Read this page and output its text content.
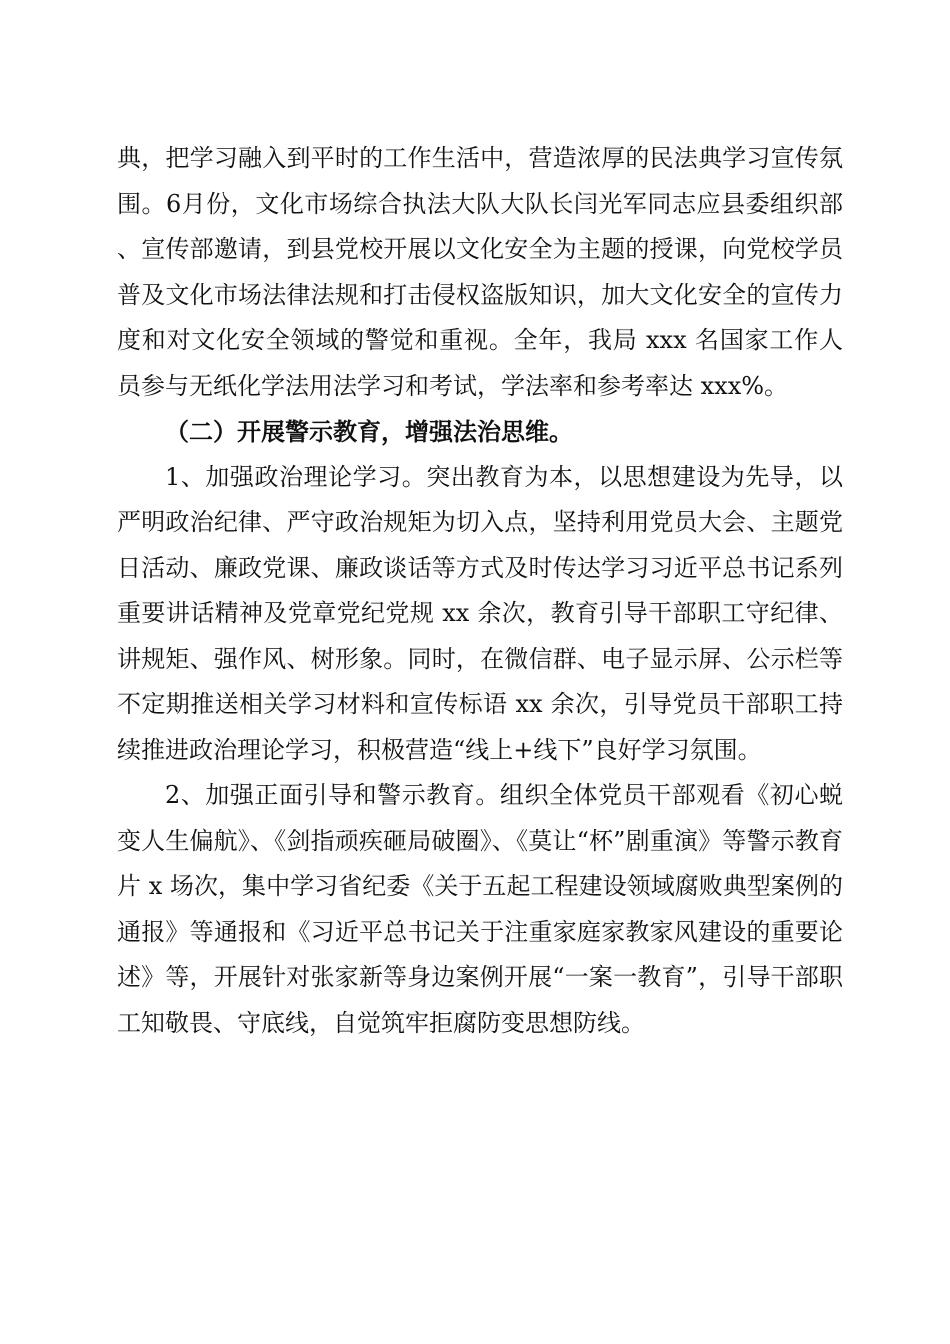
典，把学习融入到平时的工作生活中，营造浓厚的民法典学习宣传氛围。6月份，文化市场综合执法大队大队长闫光军同志应县委组织部、宣传部邀请，到县党校开展以文化安全为主题的授课，向党校学员普及文化市场法律法规和打击侵权盗版知识，加大文化安全的宣传力度和对文化安全领域的警觉和重视。全年，我局 xxx 名国家工作人员参与无纸化学法用法学习和考试，学法率和参考率达 xxx%。

（二）开展警示教育，增强法治思维。

1、加强政治理论学习。突出教育为本，以思想建设为先导，以严明政治纪律、严守政治规矩为切入点，坚持利用党员大会、主题党日活动、廉政党课、廉政谈话等方式及时传达学习习近平总书记系列重要讲话精神及党章党纪党规 xx 余次，教育引导干部职工守纪律、讲规矩、强作风、树形象。同时，在微信群、电子显示屏、公示栏等不定期推送相关学习材料和宣传标语 xx 余次，引导党员干部职工持续推进政治理论学习，积极营造“线上+线下”良好学习氛围。

2、加强正面引导和警示教育。组织全体党员干部观看《初心蜕变人生偏航》、《剑指顽疾砸局破圈》、《莫让“杯”剧重演》等警示教育片 x 场次，集中学习省纪委《关于五起工程建设领域腐败典型案例的通报》等通报和《习近平总书记关于注重家庭家教家风建设的重要论述》等，开展针对张家新等身边案例开展“一案一教育”，引导干部职工知敬畏、守底线，自觉筑牢拒腐防变思想防线。
